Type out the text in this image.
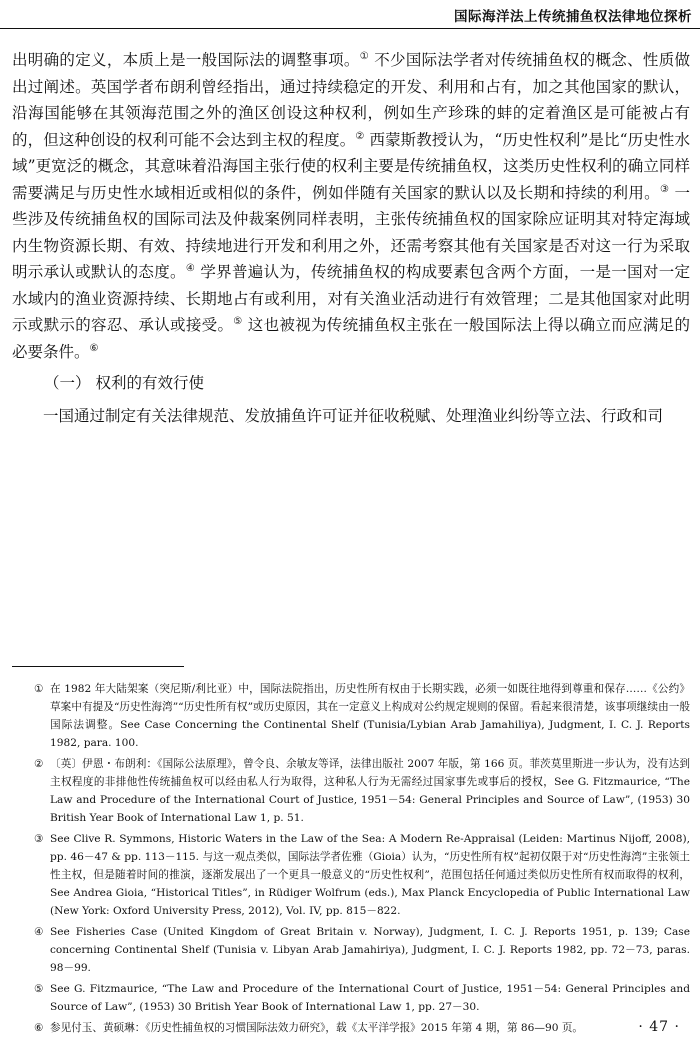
国际海洋法上传统捕鱼权法律地位探析

出明确的定义，本质上是一般国际法的调整事项。① 不少国际法学者对传统捕鱼权的概念、性质做出过阐述。英国学者布朗利曾经指出，通过持续稳定的开发、利用和占有，加之其他国家的默认，沿海国能够在其领海范围之外的渔区创设这种权利，例如生产珍珠的蚌的定着渔区是可能被占有的，但这种创设的权利可能不会达到主权的程度。② 西蒙斯教授认为，“历史性权利”是比“历史性水域”更宽泛的概念，其意味着沿海国主张行使的权利主要是传统捕鱼权，这类历史性权利的确立同样需要满足与历史性水域相近或相似的条件，例如伴随有关国家的默认以及长期和持续的利用。③ 一些涉及传统捕鱼权的国际司法及仲裁案例同样表明，主张传统捕鱼权的国家除应证明其对特定海域内生物资源长期、有效、持续地进行开发和利用之外，还需考察其他有关国家是否对这一行为采取明示承认或默认的态度。④ 学界普遍认为，传统捕鱼权的构成要素包含两个方面，一是一国对一定水域内的渔业资源持续、长期地占有或利用，对有关渔业活动进行有效管理；二是其他国家对此明示或默示的容忍、承认或接受。⑤ 这也被视为传统捕鱼权主张在一般国际法上得以确立而应满足的必要条件。⑥

（一） 权利的有效行使

一国通过制定有关法律规范、发放捕鱼许可证并征收税赋、处理渔业纠纷等立法、行政和司

① 在 1982 年大陆架案（突尼斯/利比亚）中，国际法院指出，历史性所有权由于长期实践，必须一如既往地得到尊重和保存……《公约》草案中有提及“历史性海湾”“历史性所有权”或历史原因，其在一定意义上构成对公约规定规则的保留。看起来很清楚，该事项继续由一般国际法调整。See Case Concerning the Continental Shelf (Tunisia/Lybian Arab Jamahiliya), Judgment, I. C. J. Reports 1982, para. 100.
② 〔英〕伊恩・布朗利：《国际公法原理》，曾令良、余敏友等译，法律出版社 2007 年版，第 166 页。菲茨莫里斯进一步认为，没有达到主权程度的非排他性传统捕鱼权可以经由私人行为取得，这种私人行为无需经过国家事先或事后的授权，See G. Fitzmaurice, “The Law and Procedure of the International Court of Justice, 1951－54: General Principles and Source of Law”, (1953) 30 British Year Book of International Law 1, p. 51.
③ See Clive R. Symmons, Historic Waters in the Law of the Sea: A Modern Re-Appraisal (Leiden: Martinus Nijoff, 2008), pp. 46－47 & pp. 113－115. 与这一观点类似，国际法学者佐雅（Gioia）认为，“历史性所有权”起初仅限于对“历史性海湾”主张领土性主权，但是随着时间的推演，逐渐发展出了一个更具一般意义的“历史性权利”，范围包括任何通过类似历史性所有权而取得的权利，See Andrea Gioia, “Historical Titles”, in Rüdiger Wolfrum (eds.), Max Planck Encyclopedia of Public International Law (New York: Oxford University Press, 2012), Vol. IV, pp. 815－822.
④ See Fisheries Case (United Kingdom of Great Britain v. Norway), Judgment, I. C. J. Reports 1951, p. 139; Case concerning Continental Shelf (Tunisia v. Libyan Arab Jamahiriya), Judgment, I. C. J. Reports 1982, pp. 72－73, paras. 98－99.
⑤ See G. Fitzmaurice, “The Law and Procedure of the International Court of Justice, 1951－54: General Principles and Source of Law”, (1953) 30 British Year Book of International Law 1, pp. 27－30.
⑥ 参见付玉、黄硕琳：《历史性捕鱼权的习惯国际法效力研究》，载《太平洋学报》2015 年第 4 期，第 86—90 页。	· 47 ·
